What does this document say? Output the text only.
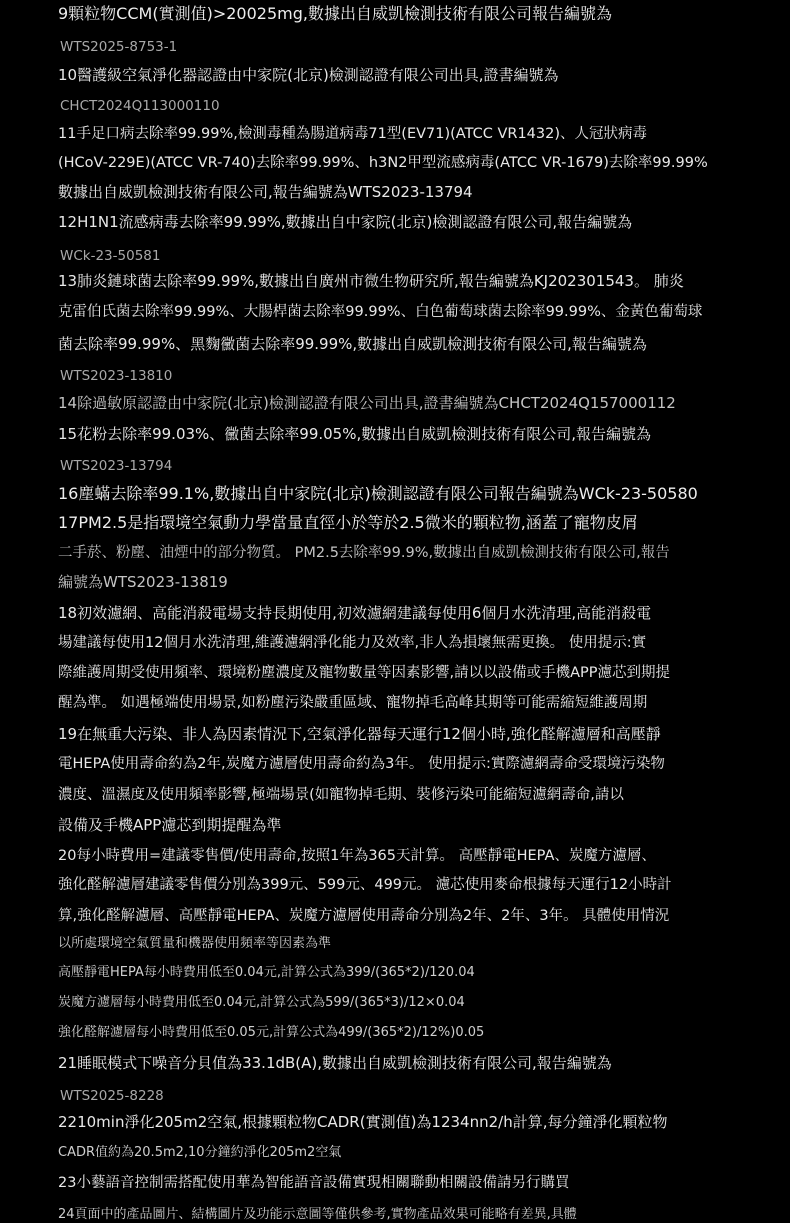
9顆粒物CCM(實測值)>20025mg,數據出自威凱檢測技術有限公司報告編號為
WTS2025-8753-1
10醫護級空氣淨化器認證由中家院(北京)檢測認證有限公司出具,證書編號為
CHCT2024Q113000110
11手足口病去除率99.99%,檢測毒種為腸道病毒71型(EV71)(ATCC VR1432)、人冠狀病毒
(HCoV-229E)(ATCC VR-740)去除率99.99%、h3N2甲型流感病毒(ATCC VR-1679)去除率99.99%
數據出自威凱檢測技術有限公司,報告編號為WTS2023-13794
12H1N1流感病毒去除率99.99%,數據出自中家院(北京)檢測認證有限公司,報告編號為
WCk-23-50581
13肺炎鏈球菌去除率99.99%,數據出自廣州市微生物研究所,報告編號為KJ202301543。 肺炎
克雷伯氏菌去除率99.99%、大腸桿菌去除率99.99%、白色葡萄球菌去除率99.99%、金黃色葡萄球
菌去除率99.99%、黑麴黴菌去除率99.99%,數據出自威凱檢測技術有限公司,報告編號為
WTS2023-13810
14除過敏原認證由中家院(北京)檢測認證有限公司出具,證書編號為CHCT2024Q157000112
15花粉去除率99.03%、黴菌去除率99.05%,數據出自威凱檢測技術有限公司,報告編號為
WTS2023-13794
16塵蟎去除率99.1%,數據出自中家院(北京)檢測認證有限公司報告編號為WCk-23-50580
17PM2.5是指環境空氣動力學當量直徑小於等於2.5微米的顆粒物,涵蓋了寵物皮屑
二手菸、粉塵、油煙中的部分物質。 PM2.5去除率99.9%,數據出自威凱檢測技術有限公司,報告
編號為WTS2023-13819
18初效濾網、高能消殺電場支持長期使用,初效濾網建議每使用6個月水洗清理,高能消殺電
場建議每使用12個月水洗清理,維護濾網淨化能力及效率,非人為損壞無需更換。 使用提示:實
際維護周期受使用頻率、環境粉塵濃度及寵物數量等因素影響,請以以設備或手機APP濾芯到期提
醒為準。 如遇極端使用場景,如粉塵污染嚴重區域、寵物掉毛高峰其期等可能需縮短維護周期
19在無重大污染、非人為因素情況下,空氣淨化器每天運行12個小時,強化醛解濾層和高壓靜
電HEPA使用壽命約為2年,炭魔方濾層使用壽命約為3年。 使用提示:實際濾網壽命受環境污染物
濃度、溫濕度及使用頻率影響,極端場景(如寵物掉毛期、裝修污染可能縮短濾網壽命,請以
設備及手機APP濾芯到期提醒為準
20每小時費用=建議零售價/使用壽命,按照1年為365天計算。 高壓靜電HEPA、炭魔方濾層、
強化醛解濾層建議零售價分別為399元、599元、499元。 濾芯使用麥命根據每天運行12小時計
算,強化醛解濾層、高壓靜電HEPA、炭魔方濾層使用壽命分別為2年、2年、3年。 具體使用情況
以所處環境空氣質量和機器使用頻率等因素為準
高壓靜電HEPA每小時費用低至0.04元,計算公式為399/(365*2)/120.04
炭魔方濾層每小時費用低至0.04元,計算公式為599/(365*3)/12×0.04
強化醛解濾層每小時費用低至0.05元,計算公式為499/(365*2)/12%)0.05
21睡眠模式下噪音分貝值為33.1dB(A),數據出自威凱檢測技術有限公司,報告編號為
WTS2025-8228
2210min淨化205m2空氣,根據顆粒物CADR(實測值)為1234nn2/h計算,每分鐘淨化顆粒物
CADR值約為20.5m2,10分鐘約淨化205m2空氣
23小藝語音控制需搭配使用華為智能語音設備實現相關聯動相關設備請另行購買
24頁面中的產品圖片、結構圖片及功能示意圖等僅供參考,實物產品效果可能略有差異,具體
